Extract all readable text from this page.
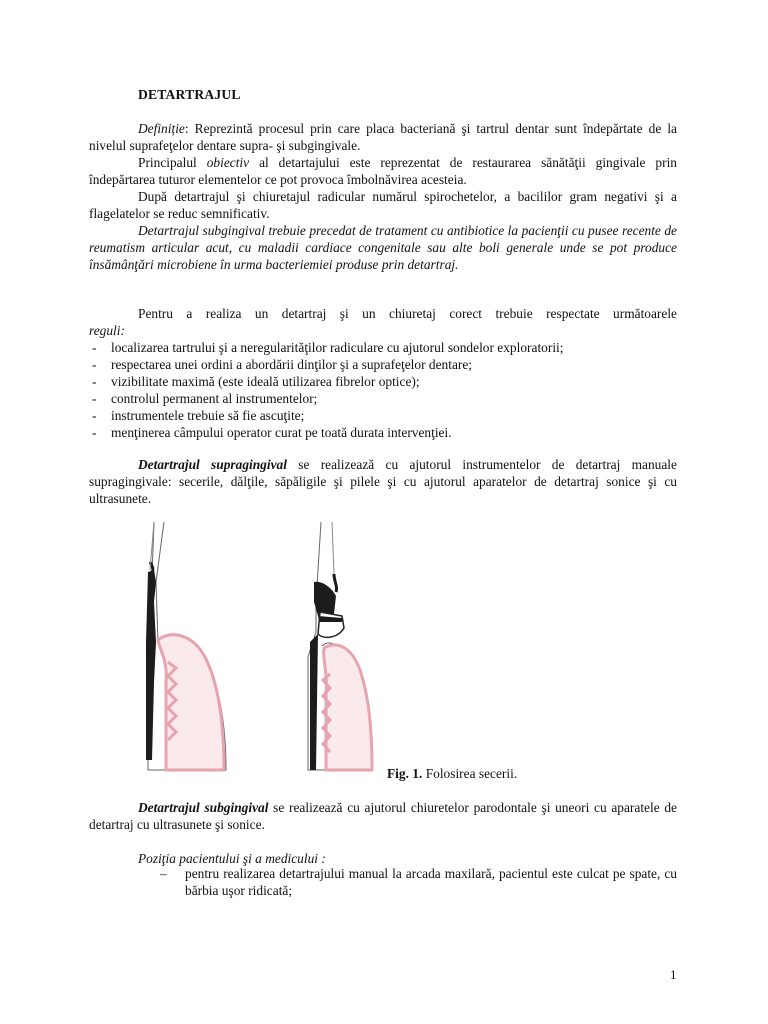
DETARTRAJUL

Definiție: Reprezintă procesul prin care placa bacteriană şi tartrul dentar sunt îndepărtate de la nivelul suprafeţelor dentare supra- şi subgingivale.

Principalul obiectiv al detartajului este reprezentat de restaurarea sănătăţii gingivale prin îndepărtarea tuturor elementelor ce pot provoca îmbolnăvirea acesteia.

După detartrajul şi chiuretajul radicular numărul spirochetelor, a bacililor gram negativi şi a flagelatelor se reduc semnificativ.

Detartrajul subgingival trebuie precedat de tratament cu antibiotice la pacienţii cu pusee recente de reumatism articular acut, cu maladii cardiace congenitale sau alte boli generale unde se pot produce însămânţări microbiene în urma bacteriemiei produse prin detartraj.

Pentru a realiza un detartraj şi un chiuretaj corect trebuie respectate următoarele

reguli:

- localizarea tartrului şi a neregularităţilor radiculare cu ajutorul sondelor exploratorii;
- respectarea unei ordini a abordării dinţilor şi a suprafeţelor dentare;
- vizibilitate maximă (este ideală utilizarea fibrelor optice);
- controlul permanent al instrumentelor;
- instrumentele trebuie să fie ascuţite;
- menţinerea câmpului operator curat pe toată durata intervenţiei.

Detartrajul supragingival se realizează cu ajutorul instrumentelor de detartraj manuale supragingivale: secerile, dălţile, săpăligile şi pilele şi cu ajutorul aparatelor de detartraj sonice şi cu ultrasunete.

Fig. 1. Folosirea secerii.

Detartrajul subgingival se realizează cu ajutorul chiuretelor parodontale şi uneori cu aparatele de detartraj cu ultrasunete şi sonice.

Poziţia pacientului şi a medicului :

– pentru realizarea detartrajului manual la arcada maxilară, pacientul este culcat pe spate, cu bărbia uşor ridicată;
1
